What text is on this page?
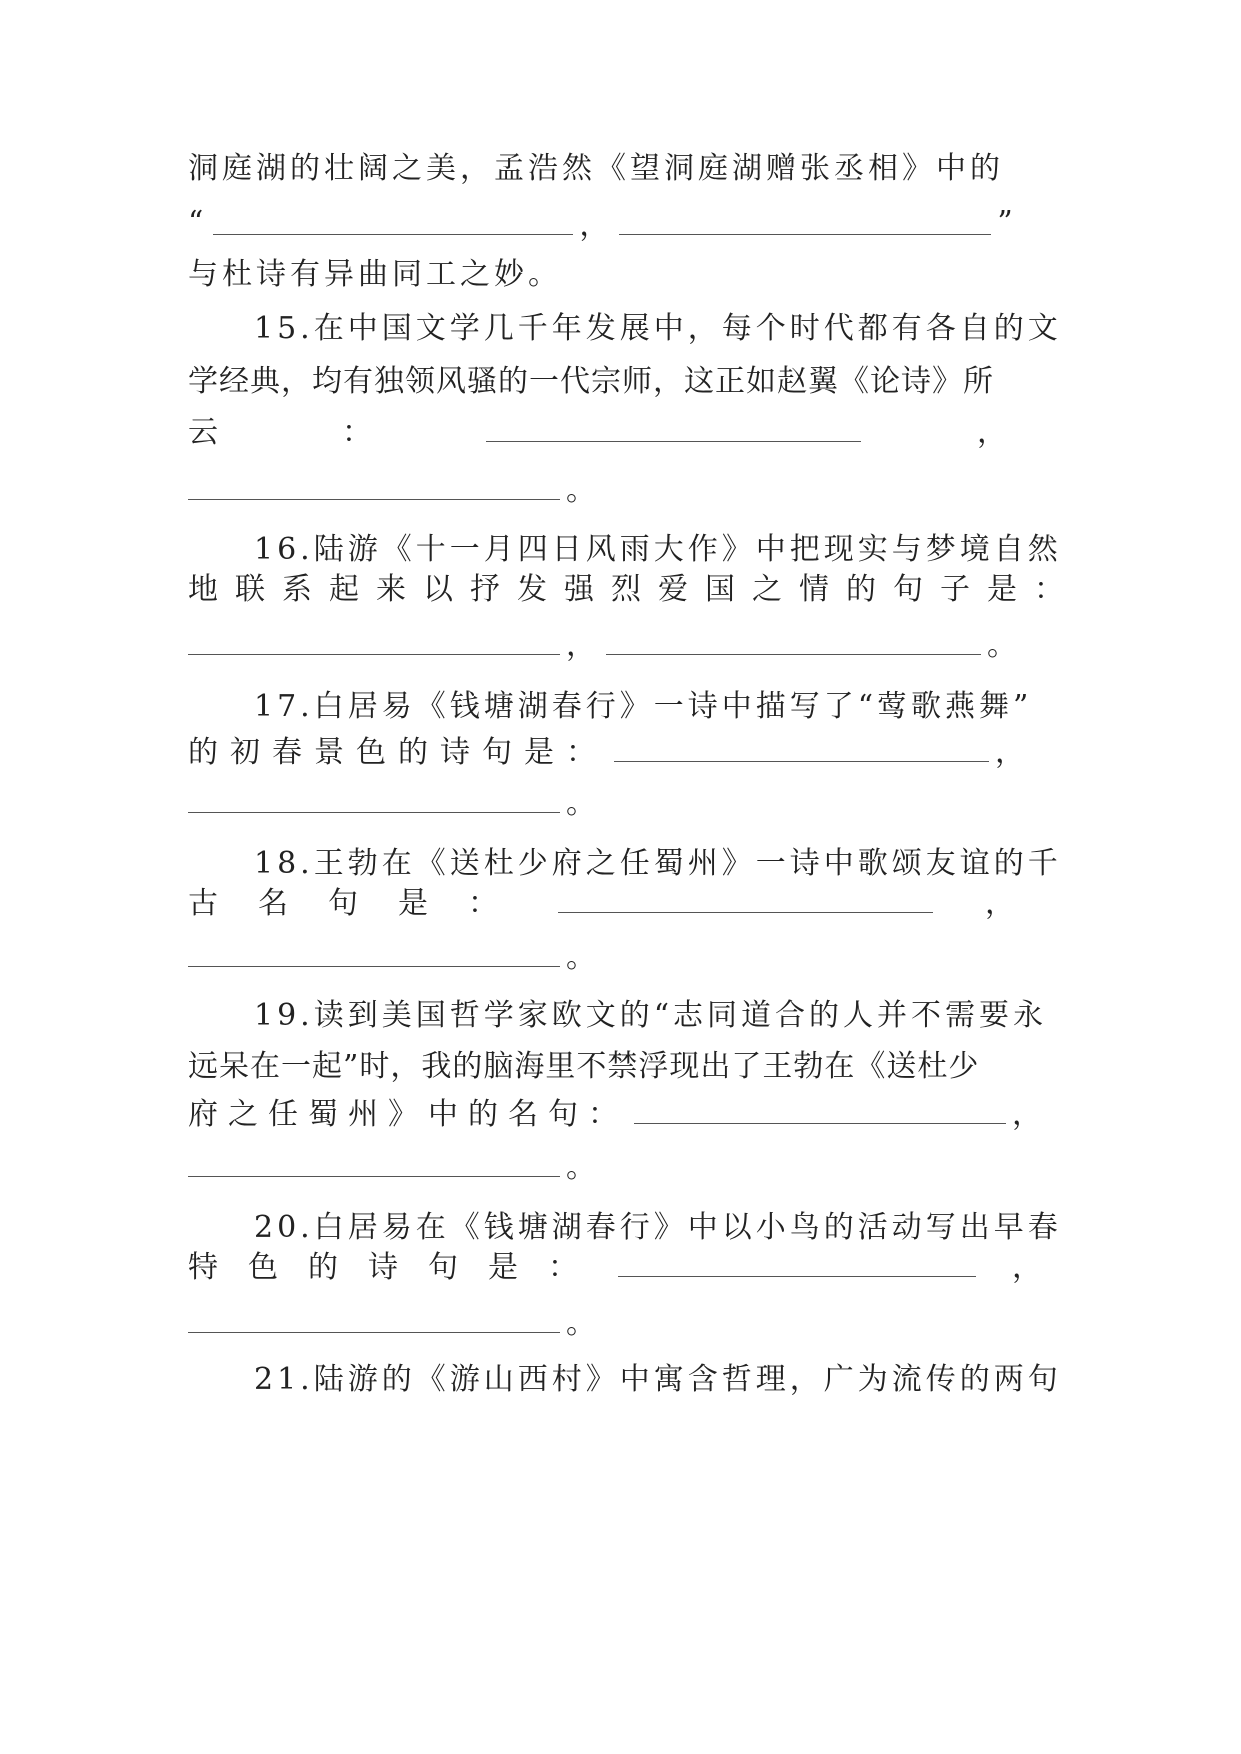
洞庭湖的壮阔之美，孟浩然《望洞庭湖赠张丞相》中的
“	，	”
与杜诗有异曲同工之妙。
15.在中国文学几千年发展中，每个时代都有各自的文
学经典，均有独领风骚的一代宗师，这正如赵翼《论诗》所
云	：	，
。
16.陆游《十一月四日风雨大作》中把现实与梦境自然
地联系起来以抒发强烈爱国之情的句子是：
，	。
17.白居易《钱塘湖春行》一诗中描写了“莺歌燕舞”
的初春景色的诗句是：	，
。
18.王勃在《送杜少府之任蜀州》一诗中歌颂友谊的千
古名句是：	，
。
19.读到美国哲学家欧文的“志同道合的人并不需要永
远呆在一起”时，我的脑海里不禁浮现出了王勃在《送杜少
府之任蜀州》中的名句：	，
。
20.白居易在《钱塘湖春行》中以小鸟的活动写出早春
特色的诗句是：	，
。
21.陆游的《游山西村》中寓含哲理，广为流传的两句
